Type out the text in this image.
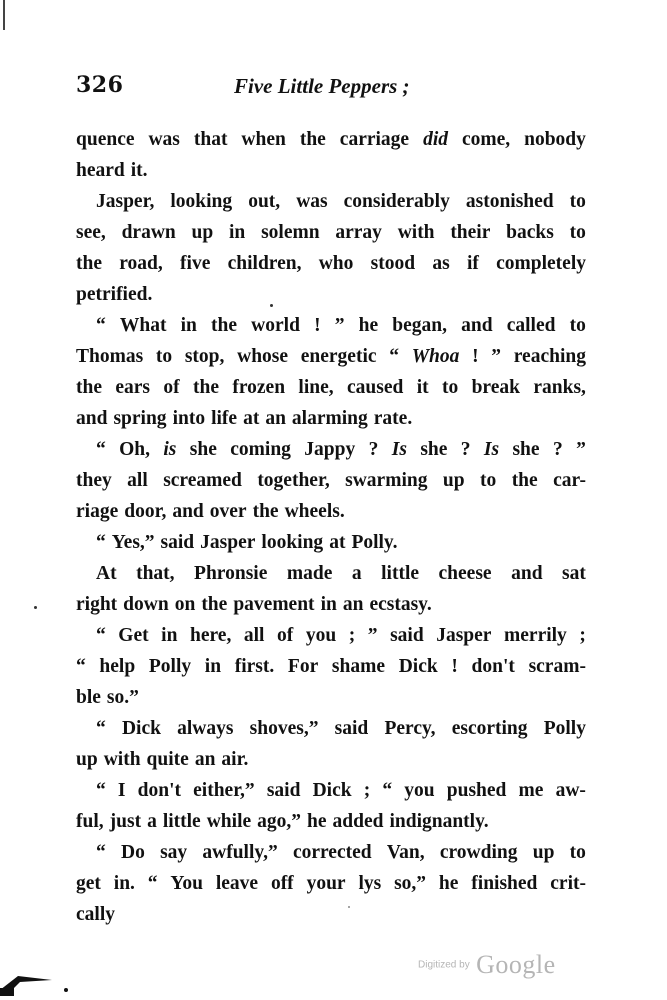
326	Five Little Peppers ;
quence was that when the carriage did come, nobody
heard it.
Jasper, looking out, was considerably astonished to
see, drawn up in solemn array with their backs to
the road, five children, who stood as if completely
petrified.
“ What in the world ! ” he began, and called to
Thomas to stop, whose energetic “ Whoa ! ” reaching
the ears of the frozen line, caused it to break ranks,
and spring into life at an alarming rate.
“ Oh, is she coming Jappy ? Is she ? Is she ? ”
they all screamed together, swarming up to the car-
riage door, and over the wheels.
“ Yes,” said Jasper looking at Polly.
At that, Phronsie made a little cheese and sat
right down on the pavement in an ecstasy.
“ Get in here, all of you ; ” said Jasper merrily ;
“ help Polly in first. For shame Dick ! don't scram-
ble so.”
“ Dick always shoves,” said Percy, escorting Polly
up with quite an air.
“ I don't either,” said Dick ; “ you pushed me aw-
ful, just a little while ago,” he added indignantly.
“ Do say awfully,” corrected Van, crowding up to
get in. “ You leave off your lys so,” he finished crit-
cally
Digitized by Google
